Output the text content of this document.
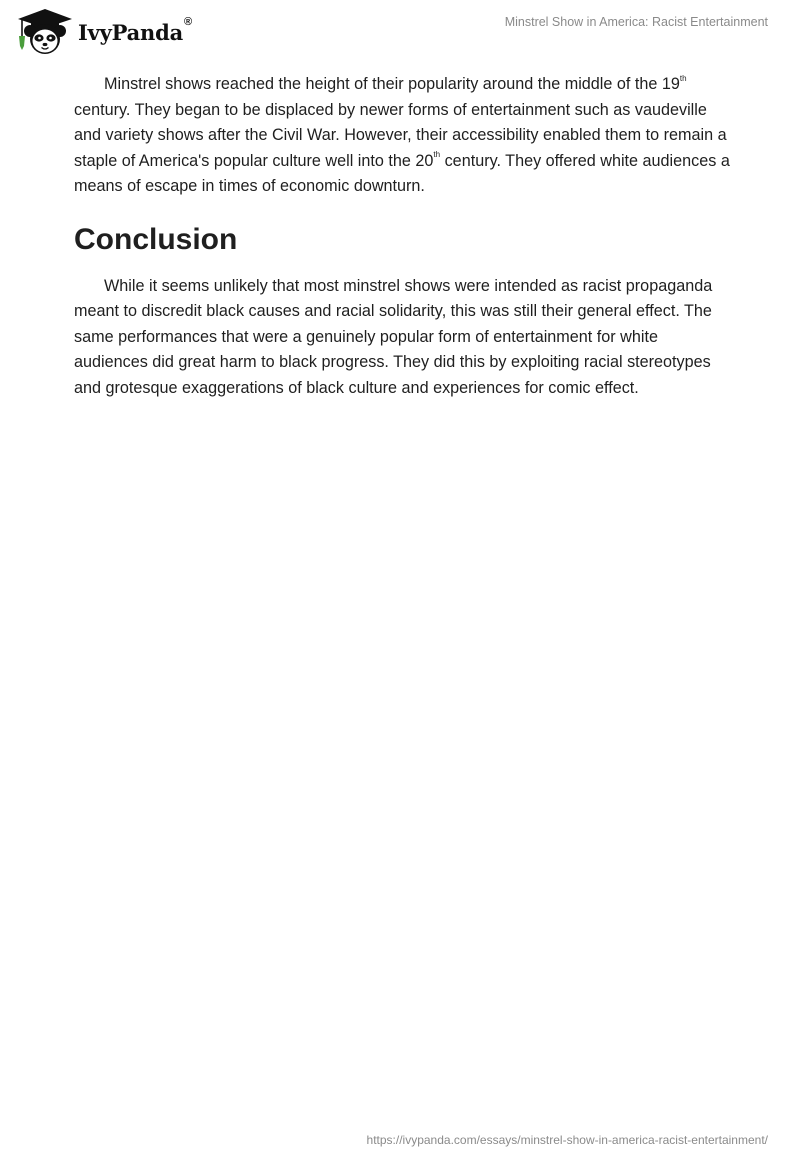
IvyPanda ®	Minstrel Show in America: Racist Entertainment

Minstrel shows reached the height of their popularity around the middle of the 19th century. They began to be displaced by newer forms of entertainment such as vaudeville and variety shows after the Civil War. However, their accessibility enabled them to remain a staple of America's popular culture well into the 20th century. They offered white audiences a means of escape in times of economic downturn.

Conclusion

While it seems unlikely that most minstrel shows were intended as racist propaganda meant to discredit black causes and racial solidarity, this was still their general effect. The same performances that were a genuinely popular form of entertainment for white audiences did great harm to black progress. They did this by exploiting racial stereotypes and grotesque exaggerations of black culture and experiences for comic effect.

https://ivypanda.com/essays/minstrel-show-in-america-racist-entertainment/
